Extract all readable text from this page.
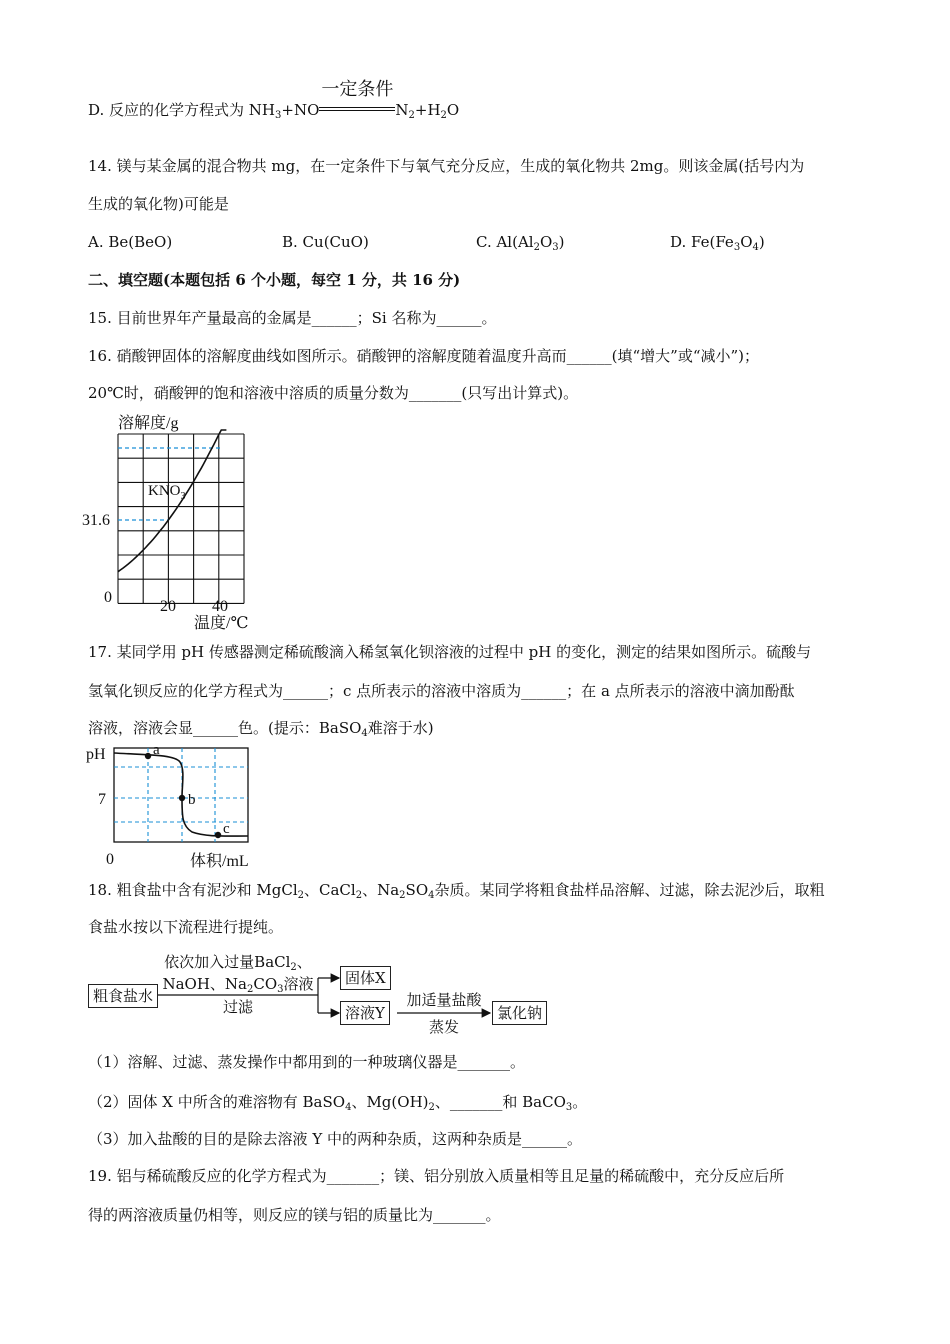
D. 反应的化学方程式为 $NH_3+NO$
一定条件
$N_2+H_2O$
14. 镁与某金属的混合物共 mg，在一定条件下与氧气充分反应，生成的氧化物共 2mg。则该金属(括号内为
生成的氧化物)可能是
A. Be(BeO)	B. Cu(CuO)	C. $Al(Al_2O_3)$	D. $Fe(Fe_3O_4)$
二、填空题(本题包括 6 个小题，每空 1 分，共 16 分)
15. 目前世界年产量最高的金属是______；Si 名称为______。
16. 硝酸钾固体的溶解度曲线如图所示。硝酸钾的溶解度随着温度升高而______(填“增大”或“减小”)；
20℃时，硝酸钾的饱和溶液中溶质的质量分数为_______(只写出计算式)。
溶解度/g
$KNO_3$
0
31.6
20 40
温度/℃
17. 某同学用 pH 传感器测定稀硫酸滴入稀氢氧化钡溶液的过程中 pH 的变化，测定的结果如图所示。硫酸与
氢氧化钡反应的化学方程式为______；c 点所表示的溶液中溶质为______；在 a 点所表示的溶液中滴加酚酞
溶液，溶液会显______色。(提示：BaSO$_4$难溶于水)
a
b
c
pH
7
0	体积/mL
18. 粗食盐中含有泥沙和 MgCl$_2$、CaCl$_2$、$Na_2SO_4$杂质。某同学将粗食盐样品溶解、过滤，除去泥沙后，取粗
食盐水按以下流程进行提纯。
粗食盐水
依次加入过量BaCl$_2$、
NaOH、$Na_2CO_3$溶液
过滤
固体X
溶液Y
加适量盐酸
蒸发
氯化钠
（1）溶解、过滤、蒸发操作中都用到的一种玻璃仪器是_______。
（2）固体 X 中所含的难溶物有 BaSO$_4$、$Mg(OH)_2$、_______和 BaCO$_3$。
（3）加入盐酸的目的是除去溶液 Y 中的两种杂质，这两种杂质是______。
19. 铝与稀硫酸反应的化学方程式为_______；镁、铝分别放入质量相等且足量的稀硫酸中，充分反应后所
得的两溶液质量仍相等，则反应的镁与铝的质量比为_______。
